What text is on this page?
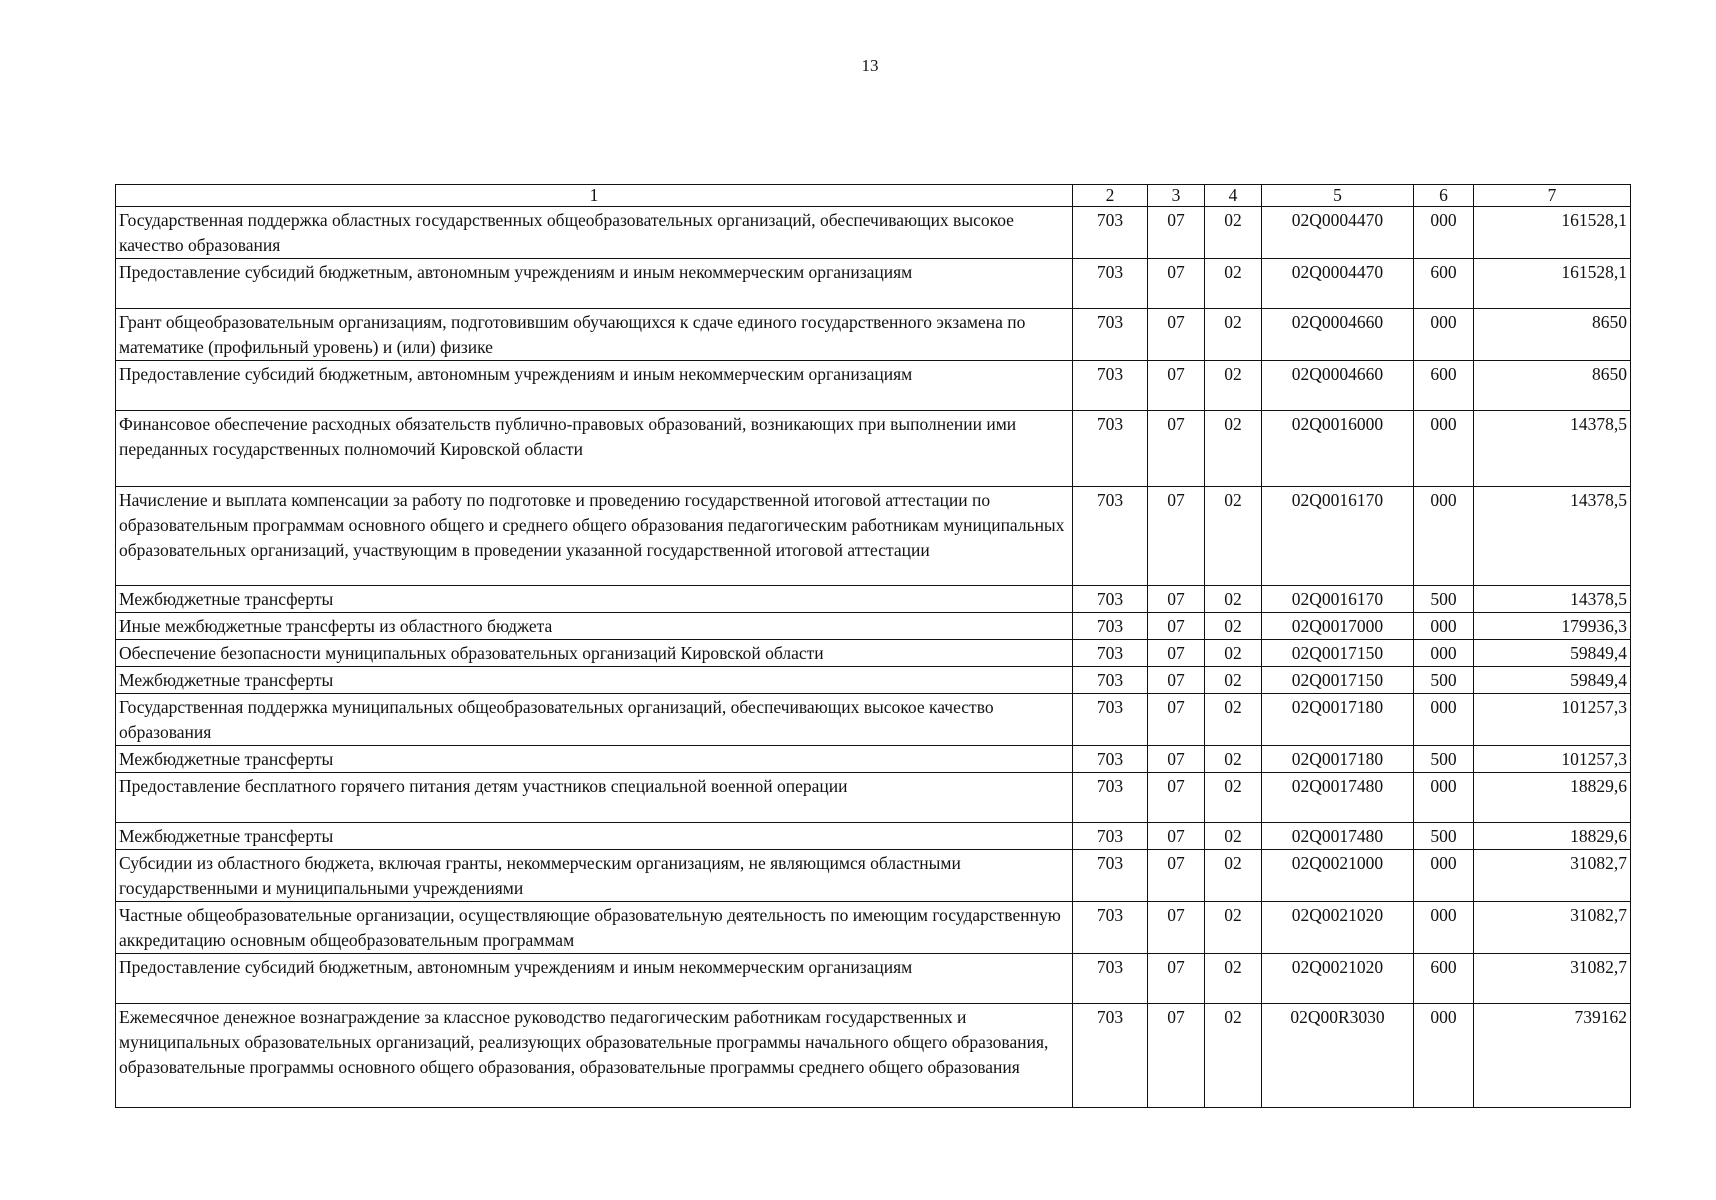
13
1	2	3	4	5	6	7
Государственная поддержка областных государственных общеобразовательных организаций, обеспечивающих высокое качество образования	703	07	02	02Q0004470	000	161528,1
Предоставление субсидий бюджетным, автономным учреждениям и иным некоммерческим организациям	703	07	02	02Q0004470	600	161528,1
Грант общеобразовательным организациям, подготовившим обучающихся к сдаче единого государственного экзамена по математике (профильный уровень) и (или) физике	703	07	02	02Q0004660	000	8650
Предоставление субсидий бюджетным, автономным учреждениям и иным некоммерческим организациям	703	07	02	02Q0004660	600	8650
Финансовое обеспечение расходных обязательств публично-правовых образований, возникающих при выполнении ими переданных государственных полномочий Кировской области	703	07	02	02Q0016000	000	14378,5
Начисление и выплата компенсации за работу по подготовке и проведению государственной итоговой аттестации по образовательным программам основного общего и среднего общего образования педагогическим работникам муниципальных образовательных организаций, участвующим в проведении указанной государственной итоговой аттестации	703	07	02	02Q0016170	000	14378,5
Межбюджетные трансферты	703	07	02	02Q0016170	500	14378,5
Иные межбюджетные трансферты из областного бюджета	703	07	02	02Q0017000	000	179936,3
Обеспечение безопасности муниципальных образовательных организаций Кировской области	703	07	02	02Q0017150	000	59849,4
Межбюджетные трансферты	703	07	02	02Q0017150	500	59849,4
Государственная поддержка муниципальных общеобразовательных организаций, обеспечивающих высокое качество образования	703	07	02	02Q0017180	000	101257,3
Межбюджетные трансферты	703	07	02	02Q0017180	500	101257,3
Предоставление бесплатного горячего питания детям участников специальной военной операции	703	07	02	02Q0017480	000	18829,6
Межбюджетные трансферты	703	07	02	02Q0017480	500	18829,6
Субсидии из областного бюджета, включая гранты, некоммерческим организациям, не являющимся областными государственными и муниципальными учреждениями	703	07	02	02Q0021000	000	31082,7
Частные общеобразовательные организации, осуществляющие образовательную деятельность по имеющим государственную аккредитацию основным общеобразовательным программам	703	07	02	02Q0021020	000	31082,7
Предоставление субсидий бюджетным, автономным учреждениям и иным некоммерческим организациям	703	07	02	02Q0021020	600	31082,7
Ежемесячное денежное вознаграждение за классное руководство педагогическим работникам государственных и муниципальных образовательных организаций, реализующих образовательные программы начального общего образования, образовательные программы основного общего образования, образовательные программы среднего общего образования	703	07	02	02Q00R3030	000	739162
